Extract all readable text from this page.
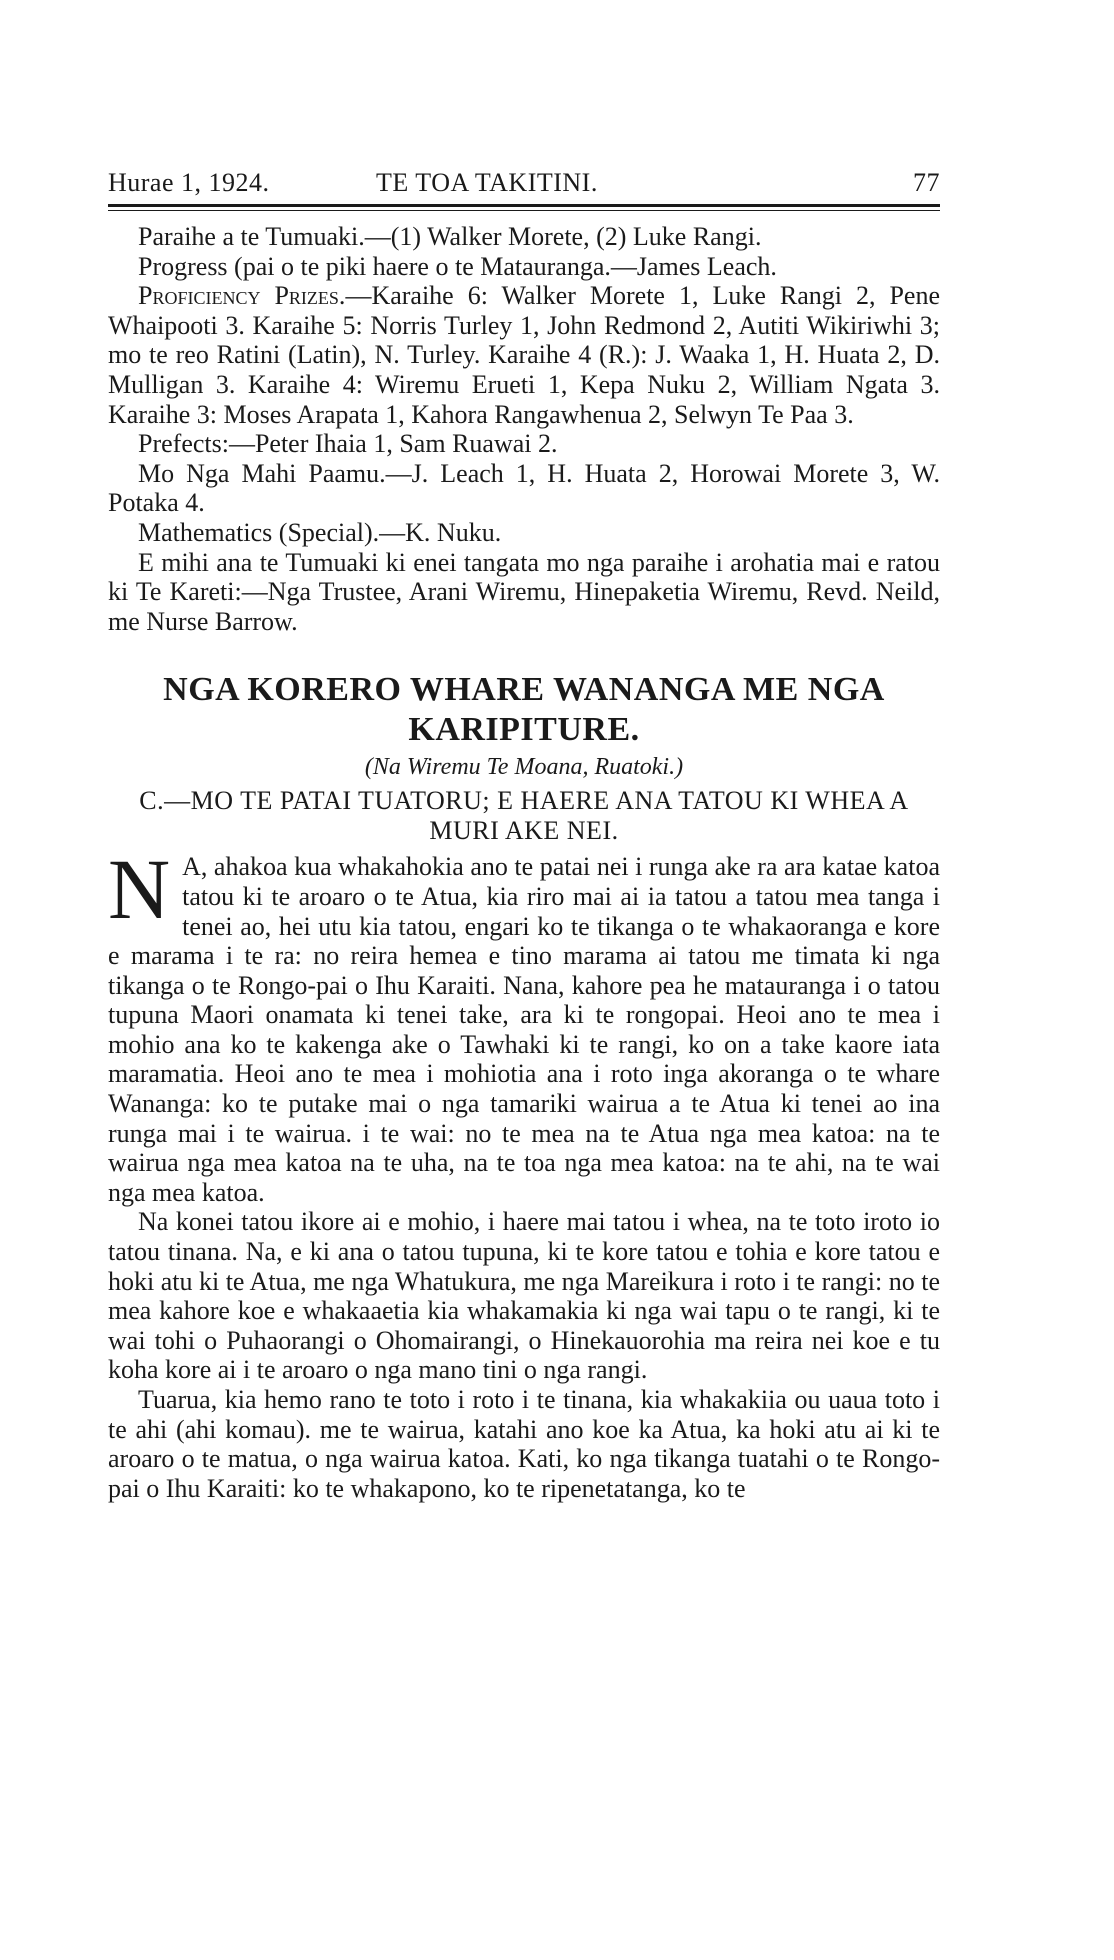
Hurae 1, 1924.	TE TOA TAKITINI.	77

Paraihe a te Tumuaki.—(1) Walker Morete, (2) Luke Rangi.

Progress (pai o te piki haere o te Matauranga.—James Leach.

Proficiency Prizes.—Karaihe 6: Walker Morete 1, Luke Rangi 2, Pene Whaipooti 3. Karaihe 5: Norris Turley 1, John Redmond 2, Autiti Wikiriwhi 3; mo te reo Ratini (Latin), N. Turley. Karaihe 4 (R.): J. Waaka 1, H. Huata 2, D. Mulligan 3. Karaihe 4: Wiremu Erueti 1, Kepa Nuku 2, William Ngata 3. Karaihe 3: Moses Arapata 1, Kahora Rangawhenua 2, Selwyn Te Paa 3.

Prefects:—Peter Ihaia 1, Sam Ruawai 2.

Mo Nga Mahi Paamu.—J. Leach 1, H. Huata 2, Horowai Morete 3, W. Potaka 4.

Mathematics (Special).—K. Nuku.

E mihi ana te Tumuaki ki enei tangata mo nga paraihe i arohatia mai e ratou ki Te Kareti:—Nga Trustee, Arani Wiremu, Hinepaketia Wiremu, Revd. Neild, me Nurse Barrow.

NGA KORERO WHARE WANANGA ME NGA KARIPITURE.
(Na Wiremu Te Moana, Ruatoki.)
C.—MO TE PATAI TUATORU; E HAERE ANA TATOU KI WHEA A MURI AKE NEI.

N A, ahakoa kua whakahokia ano te patai nei i runga ake ra ara katae katoa tatou ki te aroaro o te Atua, kia riro mai ai ia tatou a tatou mea tanga i tenei ao, hei utu kia tatou, engari ko te tikanga o te whakaoranga e kore e marama i te ra: no reira hemea e tino marama ai tatou me timata ki nga tikanga o te Rongo-pai o Ihu Karaiti. Nana, kahore pea he matauranga i o tatou tupuna Maori onamata ki tenei take, ara ki te rongopai. Heoi ano te mea i mohio ana ko te kakenga ake o Tawhaki ki te rangi, ko on a take kaore iata maramatia. Heoi ano te mea i mohiotia ana i roto inga akoranga o te whare Wananga: ko te putake mai o nga tamariki wairua a te Atua ki tenei ao ina runga mai i te wairua. i te wai: no te mea na te Atua nga mea katoa: na te wairua nga mea katoa na te uha, na te toa nga mea katoa: na te ahi, na te wai nga mea katoa.

Na konei tatou ikore ai e mohio, i haere mai tatou i whea, na te toto iroto io tatou tinana. Na, e ki ana o tatou tupuna, ki te kore tatou e tohia e kore tatou e hoki atu ki te Atua, me nga Whatukura, me nga Mareikura i roto i te rangi: no te mea kahore koe e whakaaetia kia whakamakia ki nga wai tapu o te rangi, ki te wai tohi o Puhaorangi o Ohomairangi, o Hinekauorohia ma reira nei koe e tu koha kore ai i te aroaro o nga mano tini o nga rangi.

Tuarua, kia hemo rano te toto i roto i te tinana, kia whakakiia ou uaua toto i te ahi (ahi komau). me te wairua, katahi ano koe ka Atua, ka hoki atu ai ki te aroaro o te matua, o nga wairua katoa. Kati, ko nga tikanga tuatahi o te Rongo-pai o Ihu Karaiti: ko te whakapono, ko te ripenetatanga, ko te
